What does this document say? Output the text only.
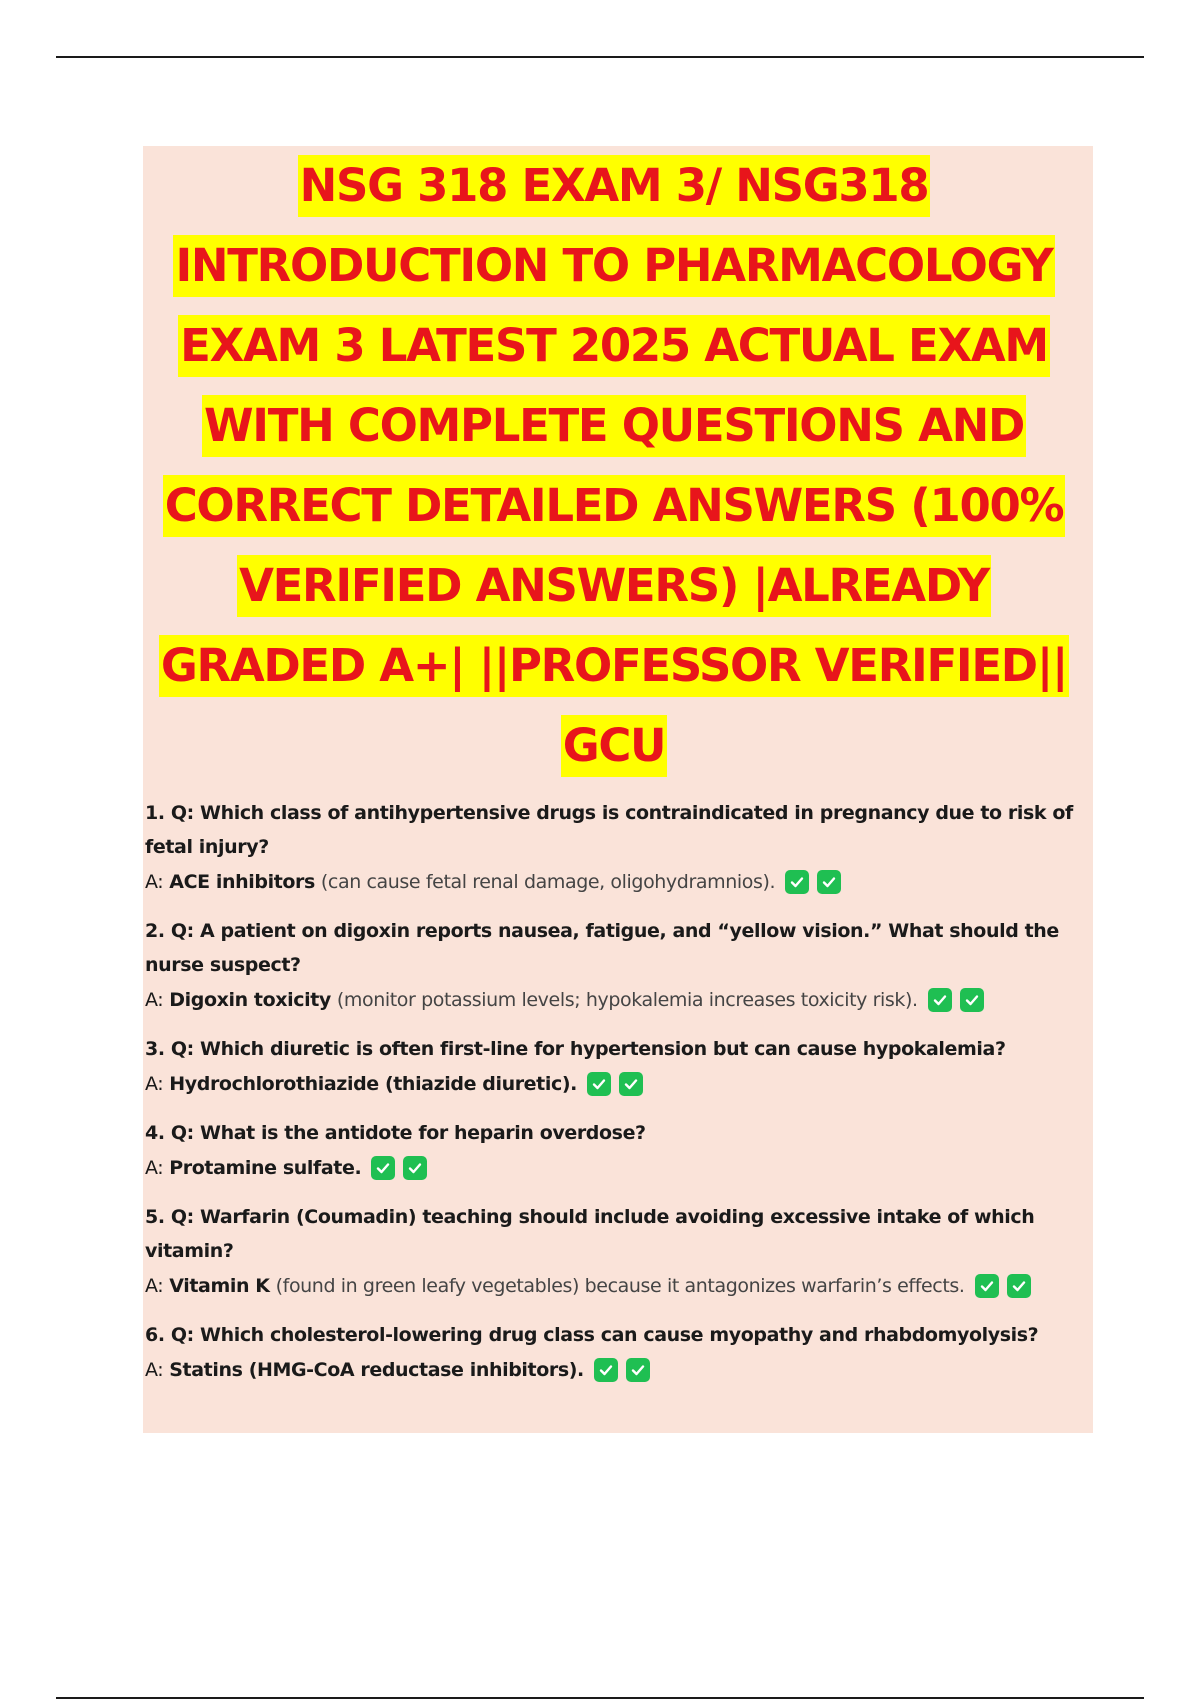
NSG 318 EXAM 3/ NSG318
INTRODUCTION TO PHARMACOLOGY
EXAM 3 LATEST 2025 ACTUAL EXAM
WITH COMPLETE QUESTIONS AND
CORRECT DETAILED ANSWERS (100%
VERIFIED ANSWERS) |ALREADY
GRADED A+| ||PROFESSOR VERIFIED||
GCU
1. Q: Which class of antihypertensive drugs is contraindicated in pregnancy due to risk of fetal injury?
A: ACE inhibitors (can cause fetal renal damage, oligohydramnios).
2. Q: A patient on digoxin reports nausea, fatigue, and “yellow vision.” What should the nurse suspect?
A: Digoxin toxicity (monitor potassium levels; hypokalemia increases toxicity risk).
3. Q: Which diuretic is often first-line for hypertension but can cause hypokalemia?
A: Hydrochlorothiazide (thiazide diuretic).
4. Q: What is the antidote for heparin overdose?
A: Protamine sulfate.
5. Q: Warfarin (Coumadin) teaching should include avoiding excessive intake of which vitamin?
A: Vitamin K (found in green leafy vegetables) because it antagonizes warfarin’s effects.
6. Q: Which cholesterol-lowering drug class can cause myopathy and rhabdomyolysis?
A: Statins (HMG-CoA reductase inhibitors).
